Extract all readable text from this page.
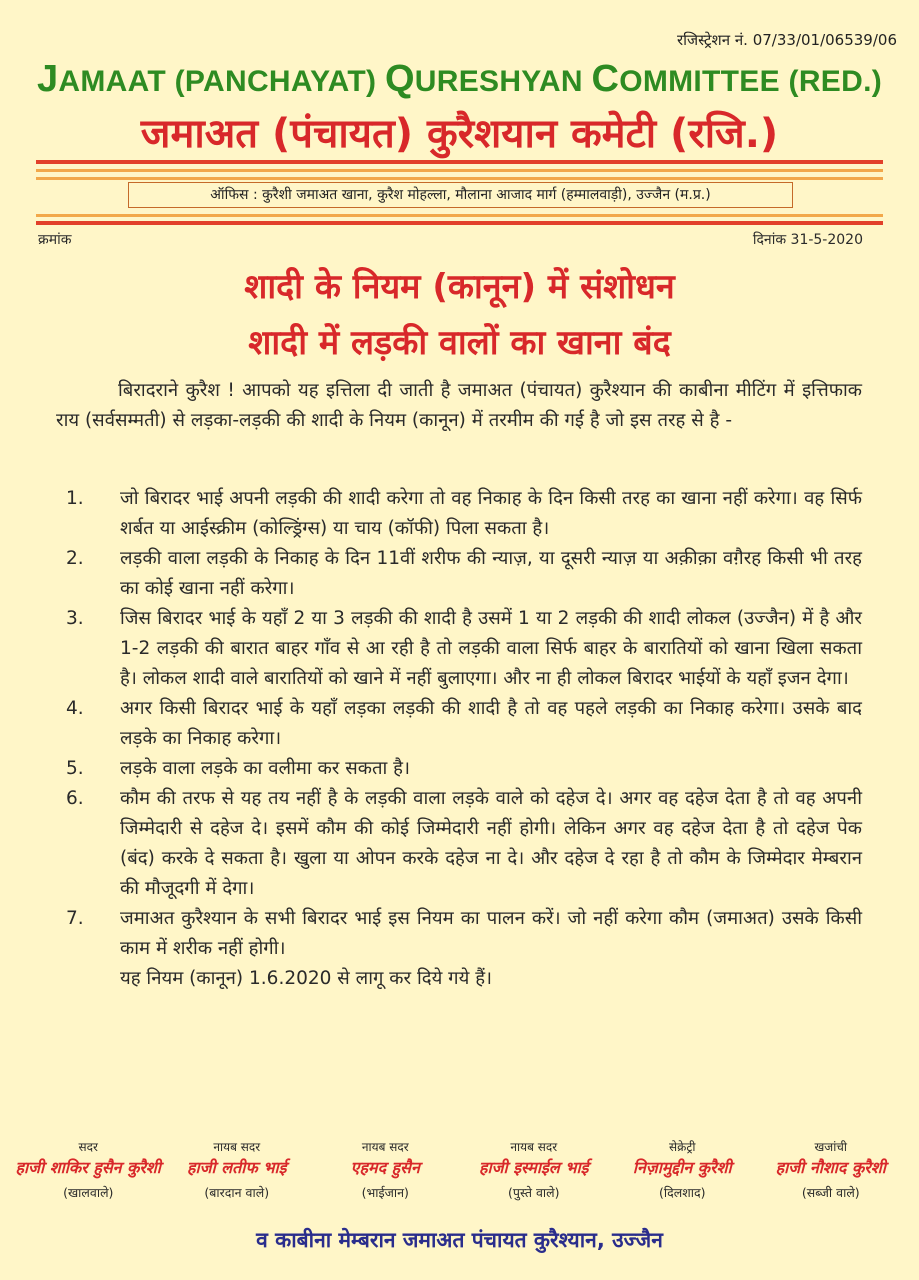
रजिस्ट्रेशन नं. 07/33/01/06539/06
JAMAAT (PANCHAYAT) QURESHYAN COMMITTEE (RED.)
जमाअत (पंचायत) कुरैशयान कमेटी (रजि.)
ऑफिस : कुरैशी जमाअत खाना, कुरैश मोहल्ला, मौलाना आजाद मार्ग (हम्मालवाड़ी), उज्जैन (म.प्र.)
क्रमांक	दिनांक 31-5-2020
शादी के नियम (कानून) में संशोधन
शादी में लड़की वालों का खाना बंद
बिरादराने कुरैश ! आपको यह इत्तिला दी जाती है जमाअत (पंचायत) कुरैश्यान की काबीना मीटिंग में इत्तिफाक राय (सर्वसम्मती) से लड़का-लड़की की शादी के नियम (कानून) में तरमीम की गई है जो इस तरह से है -
1.	जो बिरादर भाई अपनी लड़की की शादी करेगा तो वह निकाह के दिन किसी तरह का खाना नहीं करेगा। वह सिर्फ शर्बत या आईस्क्रीम (कोल्ड्रिंग्स) या चाय (कॉफी) पिला सकता है।
2.	लड़की वाला लड़की के निकाह के दिन 11वीं शरीफ की न्याज़, या दूसरी न्याज़ या अक़ीक़ा वग़ैरह किसी भी तरह का कोई खाना नहीं करेगा।
3.	जिस बिरादर भाई के यहाँ 2 या 3 लड़की की शादी है उसमें 1 या 2 लड़की की शादी लोकल (उज्जैन) में है और 1-2 लड़की की बारात बाहर गाँव से आ रही है तो लड़की वाला सिर्फ बाहर के बारातियों को खाना खिला सकता है। लोकल शादी वाले बारातियों को खाने में नहीं बुलाएगा। और ना ही लोकल बिरादर भाईयों के यहाँ इजन देगा।
4.	अगर किसी बिरादर भाई के यहाँ लड़का लड़की की शादी है तो वह पहले लड़की का निकाह करेगा। उसके बाद लड़के का निकाह करेगा।
5.	लड़के वाला लड़के का वलीमा कर सकता है।
6.	कौम की तरफ से यह तय नहीं है के लड़की वाला लड़के वाले को दहेज दे। अगर वह दहेज देता है तो वह अपनी जिम्मेदारी से दहेज दे। इसमें कौम की कोई जिम्मेदारी नहीं होगी। लेकिन अगर वह दहेज देता है तो दहेज पेक (बंद) करके दे सकता है। खुला या ओपन करके दहेज ना दे। और दहेज दे रहा है तो कौम के जिम्मेदार मेम्बरान की मौजूदगी में देगा।
7.	जमाअत कुरैश्यान के सभी बिरादर भाई इस नियम का पालन करें। जो नहीं करेगा कौम (जमाअत) उसके किसी काम में शरीक नहीं होगी।
यह नियम (कानून) 1.6.2020 से लागू कर दिये गये हैं।
सदर
हाजी शाकिर हुसैन कुरैशी
(खालवाले)
नायब सदर
हाजी लतीफ भाई
(बारदान वाले)
नायब सदर
एहमद हुसैन
(भाईजान)
नायब सदर
हाजी इस्माईल भाई
(पुस्ते वाले)
सेक्रेट्री
निज़ामुद्दीन कुरैशी
(दिलशाद)
खजांची
हाजी नौशाद कुरैशी
(सब्जी वाले)
व काबीना मेम्बरान जमाअत पंचायत कुरैश्यान, उज्जैन
